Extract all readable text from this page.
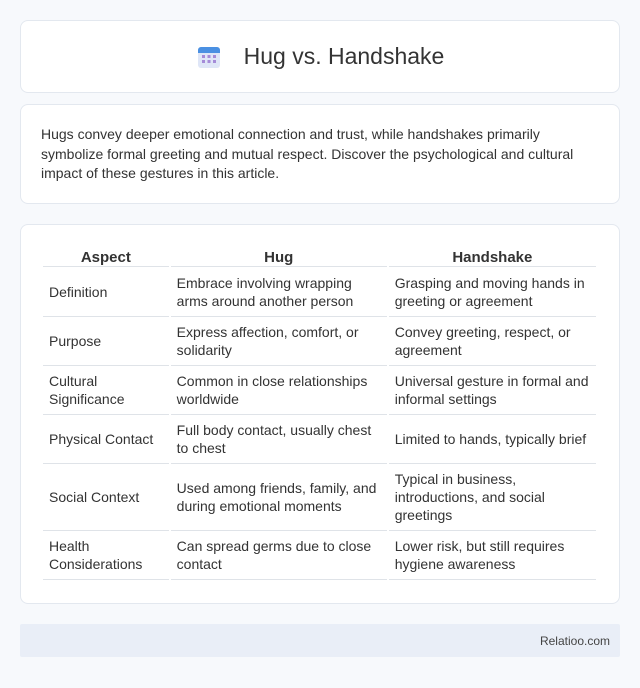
Hug vs. Handshake

Hugs convey deeper emotional connection and trust, while handshakes primarily symbolize formal greeting and mutual respect. Discover the psychological and cultural impact of these gestures in this article.

Aspect	Hug	Handshake
Definition	Embrace involving wrapping arms around another person	Grasping and moving hands in greeting or agreement
Purpose	Express affection, comfort, or solidarity	Convey greeting, respect, or agreement
Cultural Significance	Common in close relationships worldwide	Universal gesture in formal and informal settings
Physical Contact	Full body contact, usually chest to chest	Limited to hands, typically brief
Social Context	Used among friends, family, and during emotional moments	Typical in business, introductions, and social greetings
Health Considerations	Can spread germs due to close contact	Lower risk, but still requires hygiene awareness
Relatioo.com
